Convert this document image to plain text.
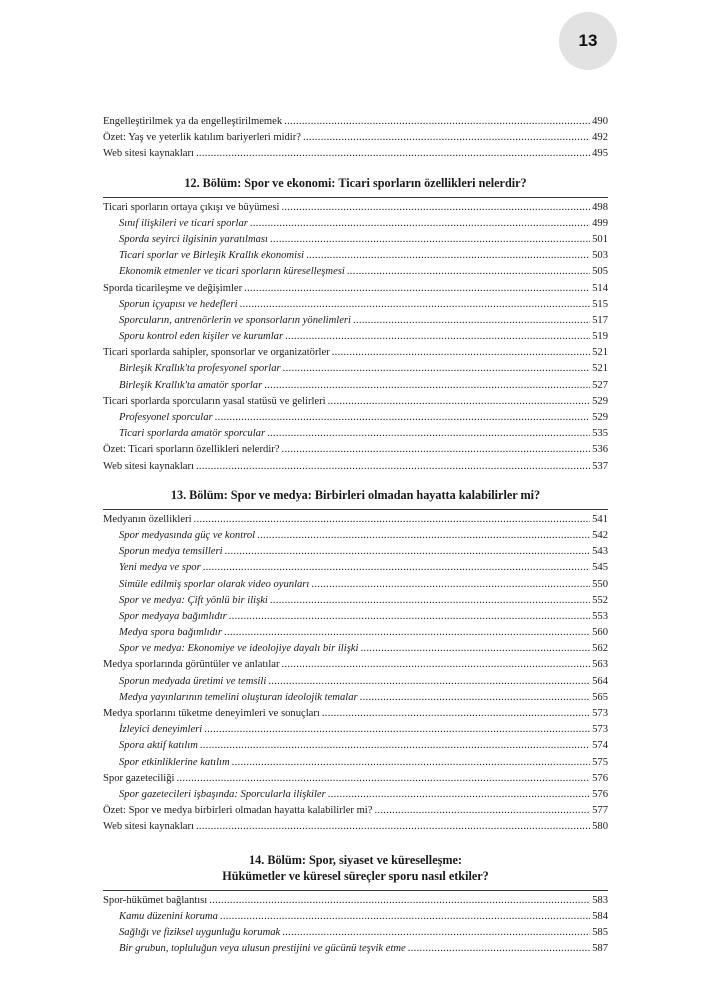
13
Engelleştirilmek ya da engelleştirilmemek .....	490
Özet: Yaş ve yeterlik katılım bariyerleri midir? .....	492
Web sitesi kaynakları .....	495
12. Bölüm: Spor ve ekonomi: Ticari sporların özellikleri nelerdir?
Ticari sporların ortaya çıkışı ve büyümesi .....	498
Sınıf ilişkileri ve ticari sporlar .....	499
Sporda seyirci ilgisinin yaratılması .....	501
Ticari sporlar ve Birleşik Krallık ekonomisi .....	503
Ekonomik etmenler ve ticari sporların küreselleşmesi .....	505
Sporda ticarileşme ve değişimler .....	514
Sporun içyapısı ve hedefleri .....	515
Sporcuların, antrenörlerin ve sponsorların yönelimleri .....	517
Sporu kontrol eden kişiler ve kurumlar .....	519
Ticari sporlarda sahipler, sponsorlar ve organizatörler .....	521
Birleşik Krallık'ta profesyonel sporlar .....	521
Birleşik Krallık'ta amatör sporlar .....	527
Ticari sporlarda sporcuların yasal statüsü ve gelirleri .....	529
Profesyonel sporcular .....	529
Ticari sporlarda amatör sporcular .....	535
Özet: Ticari sporların özellikleri nelerdir? .....	536
Web sitesi kaynakları .....	537
13. Bölüm: Spor ve medya: Birbirleri olmadan hayatta kalabilirler mi?
Medyanın özellikleri .....	541
Spor medyasında güç ve kontrol .....	542
Sporun medya temsilleri .....	543
Yeni medya ve spor .....	545
Simüle edilmiş sporlar olarak video oyunları .....	550
Spor ve medya: Çift yönlü bir ilişki .....	552
Spor medyaya bağımlıdır .....	553
Medya spora bağımlıdır .....	560
Spor ve medya: Ekonomiye ve ideolojiye dayalı bir ilişki .....	562
Medya sporlarında görüntüler ve anlatılar .....	563
Sporun medyada üretimi ve temsili .....	564
Medya yayınlarının temelini oluşturan ideolojik temalar .....	565
Medya sporlarını tüketme deneyimleri ve sonuçları .....	573
İzleyici deneyimleri .....	573
Spora aktif katılım .....	574
Spor etkinliklerine katılım .....	575
Spor gazeteciliği .....	576
Spor gazetecileri işbaşında: Sporcularla ilişkiler .....	576
Özet: Spor ve medya birbirleri olmadan hayatta kalabilirler mi? .....	577
Web sitesi kaynakları .....	580
14. Bölüm: Spor, siyaset ve küreselleşme:
Hükümetler ve küresel süreçler sporu nasıl etkiler?
Spor-hükümet bağlantısı .....	583
Kamu düzenini koruma .....	584
Sağlığı ve fiziksel uygunluğu korumak .....	585
Bir grubun, topluluğun veya ulusun prestijini ve gücünü teşvik etme .....	587
